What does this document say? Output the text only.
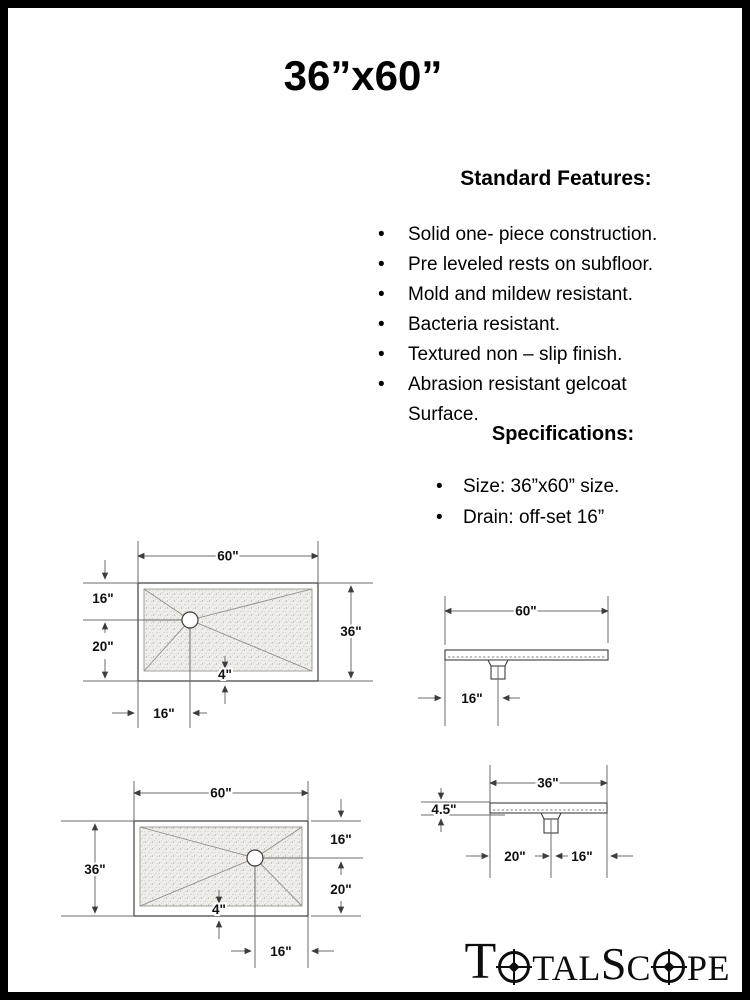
36”x60”
Standard Features:
• Solid one- piece construction.
• Pre leveled rests on subfloor.
• Mold and mildew resistant.
• Bacteria resistant.
• Textured non – slip finish.
• Abrasion resistant gelcoat Surface.
Specifications:
• Size: 36”x60” size.
• Drain: off-set 16”
60"
16"
20"
36"
16"
4"
60"
16"
60"
36"
16"
20"
16"
4"
36"
4.5"
20"	16"
T TAL S C PE
